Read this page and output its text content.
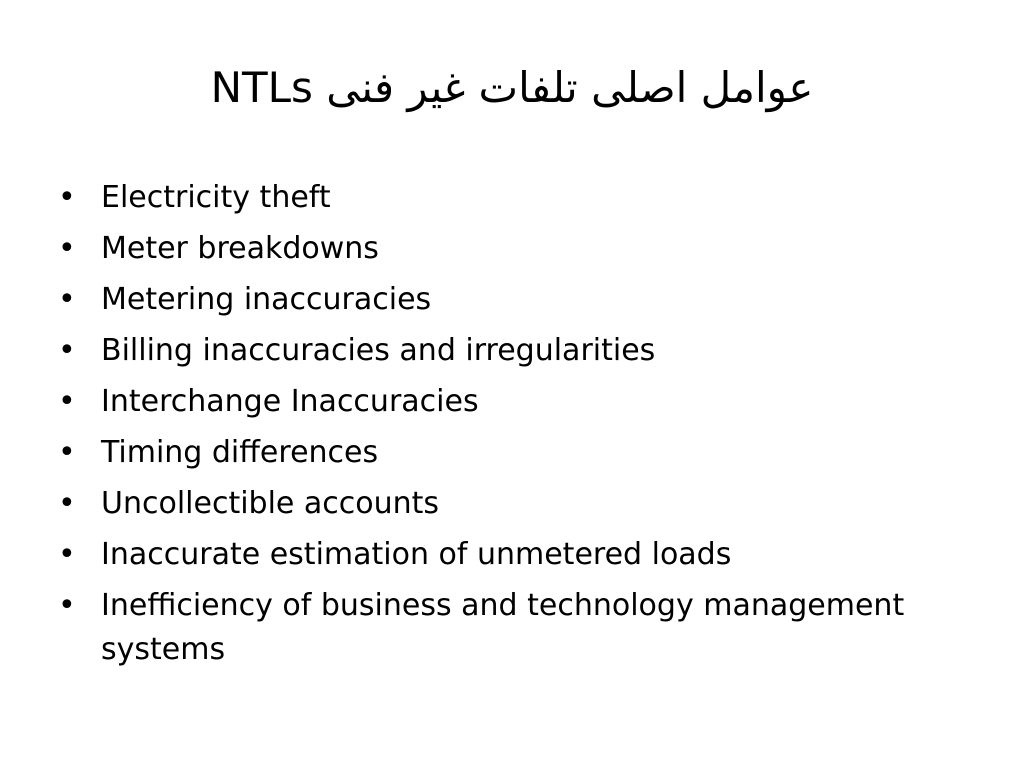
عوامل اصلی تلفات غیر فنی NTLs
• Electricity theft
• Meter breakdowns
• Metering inaccuracies
• Billing inaccuracies and irregularities
• Interchange Inaccuracies
• Timing differences
• Uncollectible accounts
• Inaccurate estimation of unmetered loads
• Inefficiency of business and technology management systems
